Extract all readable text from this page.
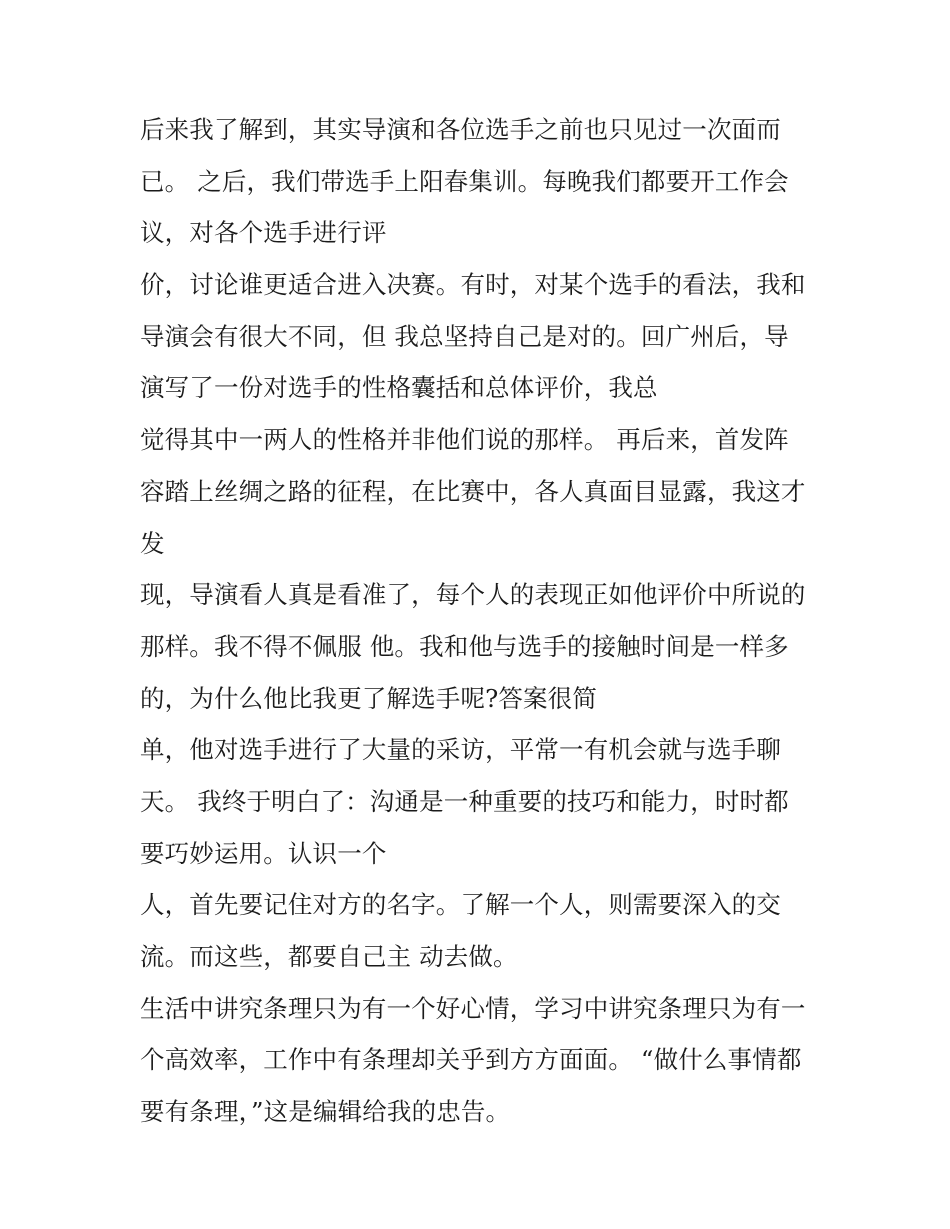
后来我了解到，其实导演和各位选手之前也只见过一次面而
已。 之后，我们带选手上阳春集训。每晚我们都要开工作会
议，对各个选手进行评
价，讨论谁更适合进入决赛。有时，对某个选手的看法，我和
导演会有很大不同，但 我总坚持自己是对的。回广州后，导
演写了一份对选手的性格囊括和总体评价，我总
觉得其中一两人的性格并非他们说的那样。 再后来，首发阵
容踏上丝绸之路的征程，在比赛中，各人真面目显露，我这才
发
现，导演看人真是看准了，每个人的表现正如他评价中所说的
那样。我不得不佩服 他。我和他与选手的接触时间是一样多
的，为什么他比我更了解选手呢?答案很简
单，他对选手进行了大量的采访，平常一有机会就与选手聊
天。 我终于明白了：沟通是一种重要的技巧和能力，时时都
要巧妙运用。认识一个
人，首先要记住对方的名字。了解一个人，则需要深入的交
流。而这些，都要自己主 动去做。
生活中讲究条理只为有一个好心情，学习中讲究条理只为有一
个高效率，工作中有条理却关乎到方方面面。 “做什么事情都
要有条理，”这是编辑给我的忠告。
